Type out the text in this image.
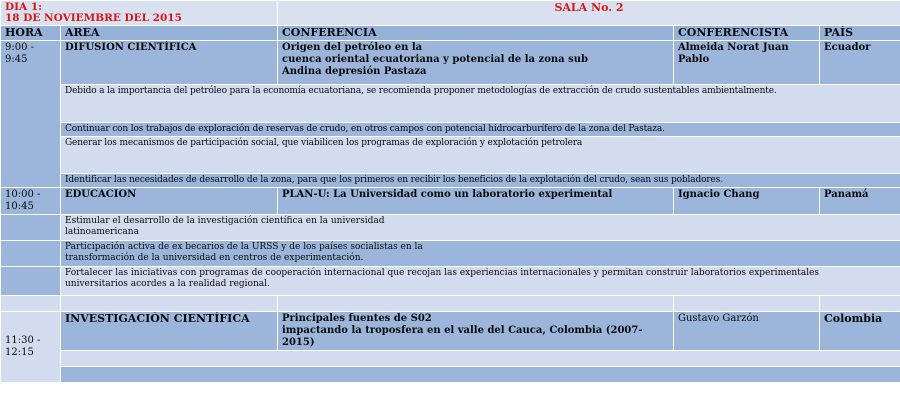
DIA 1:
18 DE NOVIEMBRE DEL 2015		SALA No. 2		
HORA	AREA	CONFERENCIA	CONFERENCISTA	PAÍS
9:00 - 9:45	DIFUSION CIENTÍFICA	Origen del petróleo en la
cuenca oriental ecuatoriana y potencial de la zona sub
Andina depresión Pastaza	Almeida Norat Juan Pablo	Ecuador
	Debido a la importancia del petróleo para la economía ecuatoriana, se recomienda proponer metodologías de extracción de crudo sustentables ambientalmente.			
	Continuar con los trabajos de exploración de reservas de crudo, en otros campos con potencial hidrocarburífero de la zona del Pastaza.			
	Generar los mecanismos de participación social, que viabilicen los programas de exploración y explotación petrolera			
	Identificar las necesidades de desarrollo de la zona, para que los primeros en recibir los beneficios de la explotación del crudo, sean sus pobladores.			
10:00 - 10:45	EDUCACION	PLAN-U: La Universidad como un laboratorio experimental	Ignacio Chang	Panamá

	Estimular el desarrollo de la investigación científica en la universidad
latinoamericana			

	Participación activa de ex becarios de la URSS y de los países socialistas en la
transformación de la universidad en centros de experimentación.			

	Fortalecer las iniciativas con programas de cooperación internacional que recojan las experiencias internacionales y permitan construir laboratorios experimentales
universitarios acordes a la realidad regional.			

11:30 - 12:15	INVESTIGACIÓN CIENTÍFICA	Principales fuentes de S02
impactando la troposfera en el valle del Cauca, Colombia (2007-2015)	Gustavo Garzón	Colombia
